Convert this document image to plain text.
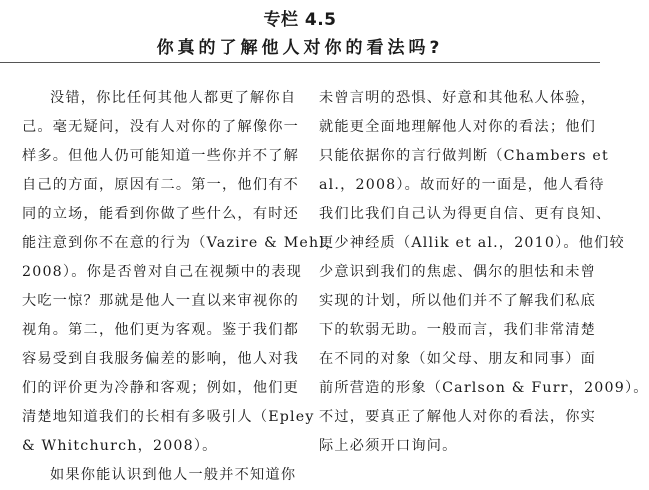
专栏 4.5
你真的了解他人对你的看法吗?
没错，你比任何其他人都更了解你自
己。毫无疑问，没有人对你的了解像你一
样多。但他人仍可能知道一些你并不了解
自己的方面，原因有二。第一，他们有不
同的立场，能看到你做了些什么，有时还
能注意到你不在意的行为（Vazire & Mehl，
2008）。你是否曾对自己在视频中的表现
大吃一惊？那就是他人一直以来审视你的
视角。第二，他们更为客观。鉴于我们都
容易受到自我服务偏差的影响，他人对我
们的评价更为冷静和客观；例如，他们更
清楚地知道我们的长相有多吸引人（Epley
& Whitchurch，2008）。
如果你能认识到他人一般并不知道你
未曾言明的恐惧、好意和其他私人体验，
就能更全面地理解他人对你的看法；他们
只能依据你的言行做判断（Chambers et
al.，2008）。故而好的一面是，他人看待
我们比我们自己认为得更自信、更有良知、
更少神经质（Allik et al.，2010）。他们较
少意识到我们的焦虑、偶尔的胆怯和未曾
实现的计划，所以他们并不了解我们私底
下的软弱无助。一般而言，我们非常清楚
在不同的对象（如父母、朋友和同事）面
前所营造的形象（Carlson & Furr，2009）。
不过，要真正了解他人对你的看法，你实
际上必须开口询问。
